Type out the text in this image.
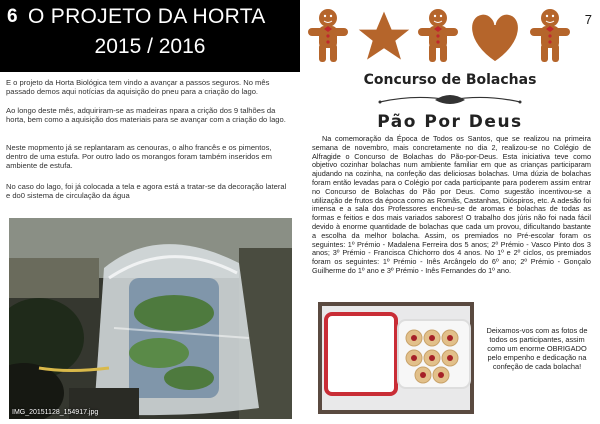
6 O PROJETO DA HORTA
2015 / 2016

E o projeto da Horta Biológica tem vindo a avançar a passos seguros. No mês passado demos aqui notícias da aquisição do pneu para a criação do lago.

Ao longo deste mês, adquiriram-se as madeiras npara a crição dos 9 talhões da horta, bem como a aquisição dos materiais para se avançar com a criação do lago.

Neste mopmento já se replantaram as cenouras, o alho francês e os pimentos, dentro de uma estufa. Por outro lado os morangos foram também inseridos em ambiente de estufa.

No caso do lago, foi já colocada a tela e agora está a tratar-se da decoração lateral e do0 sistema de circulação da água

IMG_20151128_154917.jpg
7
Concurso de Bolachas
Pão Por Deus

Na comemoração da Época de Todos os Santos, que se realizou na primeira semana de novembro, mais concretamente no dia 2, realizou-se no Colégio de Alfragide o Concurso de Bolachas do Pão-por-Deus. Esta iniciativa teve como objetivo cozinhar bolachas num ambiente familiar em que as crianças participaram ajudando na cozinha, na confeção das deliciosas bolachas. Uma dúzia de bolachas foram então levadas para o Colégio por cada participante para poderem assim entrar no Concurso de Bolachas do Pão por Deus. Como sugestão incentivou-se a utilização de frutos da época como as Romãs, Castanhas, Dióspiros, etc. A adesão foi imensa e a sala dos Professores encheu-se de aromas e bolachas de todas as formas e feitios e dos mais variados sabores! O trabalho dos júris não foi nada fácil devido à enorme quantidade de bolachas que cada um provou, dificultando bastante a escolha da melhor bolacha. Assim, os premiados no Pré-escolar foram os seguintes: 1º Prémio - Madalena Ferreira dos 5 anos; 2º Prémio - Vasco Pinto dos 3 anos; 3º Prémio - Francisca Chichorro dos 4 anos. No 1º e 2º ciclos, os premiados foram os seguintes: 1º Prémio - Inês Arcângelo do 6º ano; 2º Prémio - Gonçalo Guilherme do 1º ano e 3º Prémio - Inês Fernandes do 1º ano.

Deixamos-vos com as fotos de todos os participantes, assim como um enorme OBRIGADO pelo empenho e dedicação na confeção de cada bolacha!
